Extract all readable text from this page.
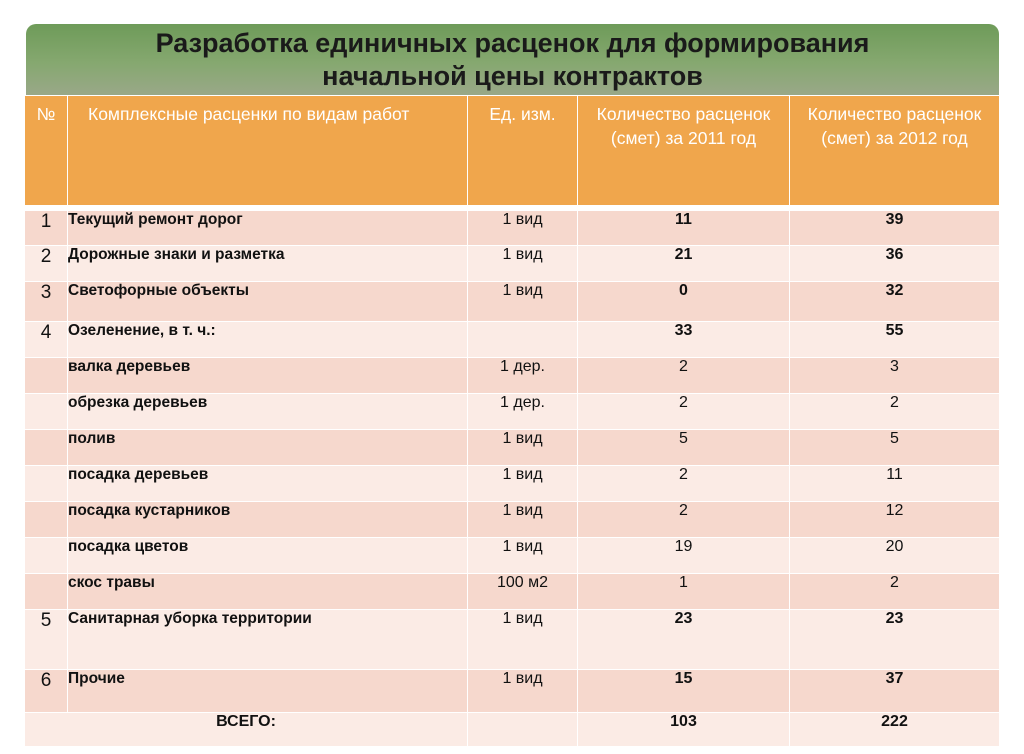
Разработка единичных расценок для формирования
начальной цены контрактов
№	Комплексные расценки по видам работ	Ед. изм.	Количество расценок (смет) за 2011 год	Количество расценок (смет) за 2012 год

1	Текущий ремонт дорог	1 вид	11	39
2	Дорожные знаки и разметка	1 вид	21	36
3	Светофорные объекты	1 вид	0	32
4	Озеленение, в т. ч.:		33	55
	валка деревьев	1 дер.	2	3
	обрезка деревьев	1 дер.	2	2
	полив	1 вид	5	5
	посадка деревьев	1 вид	2	11
	посадка кустарников	1 вид	2	12
	посадка цветов	1 вид	19	20
	скос травы	100 м2	1	2
5	Санитарная уборка территории	1 вид	23	23
6	Прочие	1 вид	15	37
ВСЕГО:			103	222
